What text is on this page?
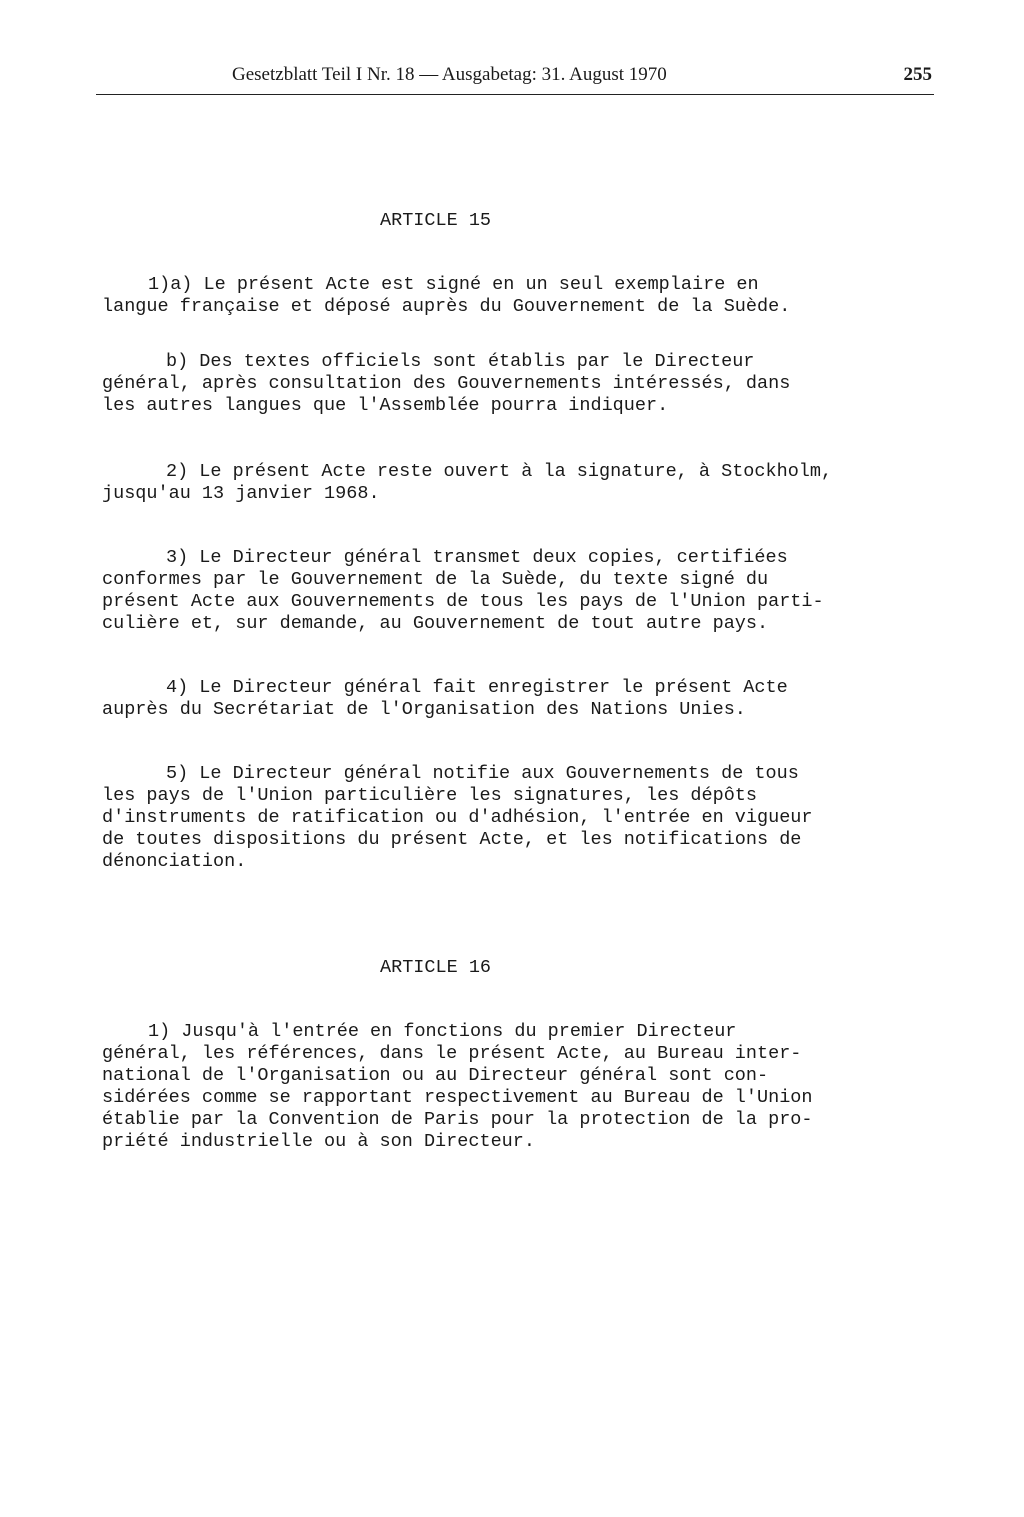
Gesetzblatt Teil I Nr. 18 — Ausgabetag: 31. August 1970	255

ARTICLE 15

1)a) Le présent Acte est signé en un seul exemplaire en

langue française et déposé auprès du Gouvernement de la Suède.

b) Des textes officiels sont établis par le Directeur

général, après consultation des Gouvernements intéressés, dans

les autres langues que l'Assemblée pourra indiquer.

2) Le présent Acte reste ouvert à la signature, à Stockholm,

jusqu'au 13 janvier 1968.

3) Le Directeur général transmet deux copies, certifiées

conformes par le Gouvernement de la Suède, du texte signé du

présent Acte aux Gouvernements de tous les pays de l'Union parti-

culière et, sur demande, au Gouvernement de tout autre pays.

4) Le Directeur général fait enregistrer le présent Acte

auprès du Secrétariat de l'Organisation des Nations Unies.

5) Le Directeur général notifie aux Gouvernements de tous

les pays de l'Union particulière les signatures, les dépôts

d'instruments de ratification ou d'adhésion, l'entrée en vigueur

de toutes dispositions du présent Acte, et les notifications de

dénonciation.

ARTICLE 16

1) Jusqu'à l'entrée en fonctions du premier Directeur

général, les références, dans le présent Acte, au Bureau inter-

national de l'Organisation ou au Directeur général sont con-

sidérées comme se rapportant respectivement au Bureau de l'Union

établie par la Convention de Paris pour la protection de la pro-

priété industrielle ou à son Directeur.
